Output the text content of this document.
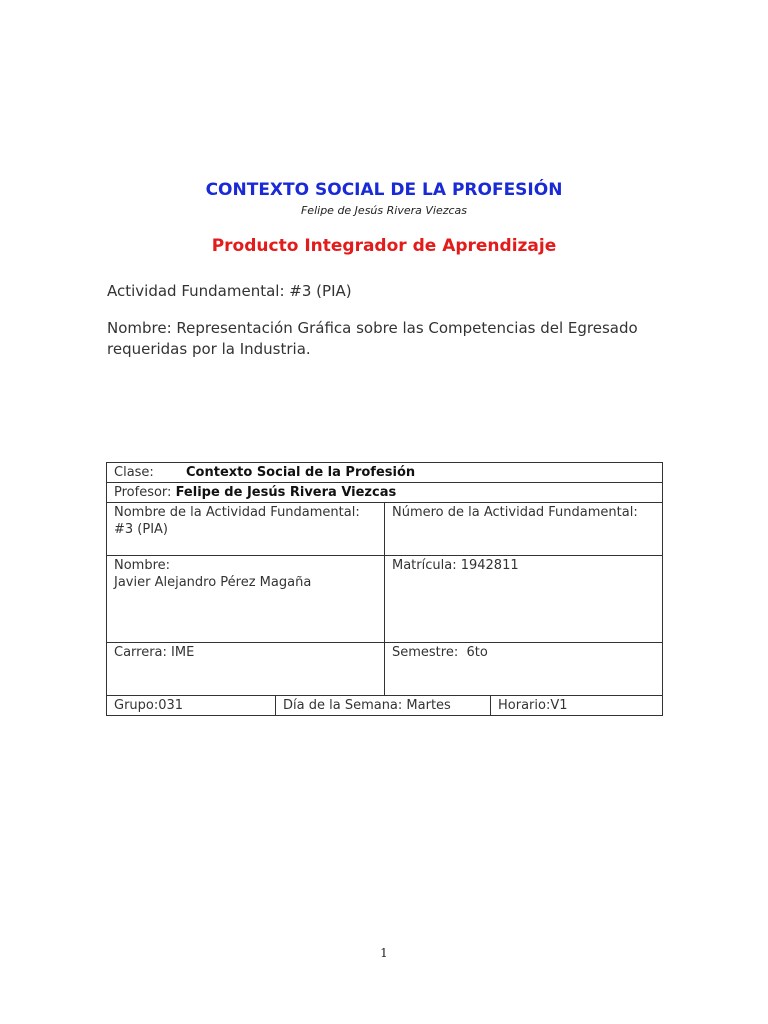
CONTEXTO SOCIAL DE LA PROFESIÓN

Felipe de Jesús Rivera Viezcas

Producto Integrador de Aprendizaje

Actividad Fundamental: #3 (PIA)

Nombre: Representación Gráfica sobre las Competencias del Egresado requeridas por la Industria.

Clase: Contexto Social de la Profesión			
Profesor: Felipe de Jesús Rivera Viezcas			

Nombre de la Actividad Fundamental:
#3 (PIA)		Número de la Actividad Fundamental:	

Nombre:
Javier Alejandro Pérez Magaña		Matrícula: 1942811	

Carrera: IME		Semestre:  6to	

Grupo:031	Día de la Semana: Martes		Horario:V1
1
